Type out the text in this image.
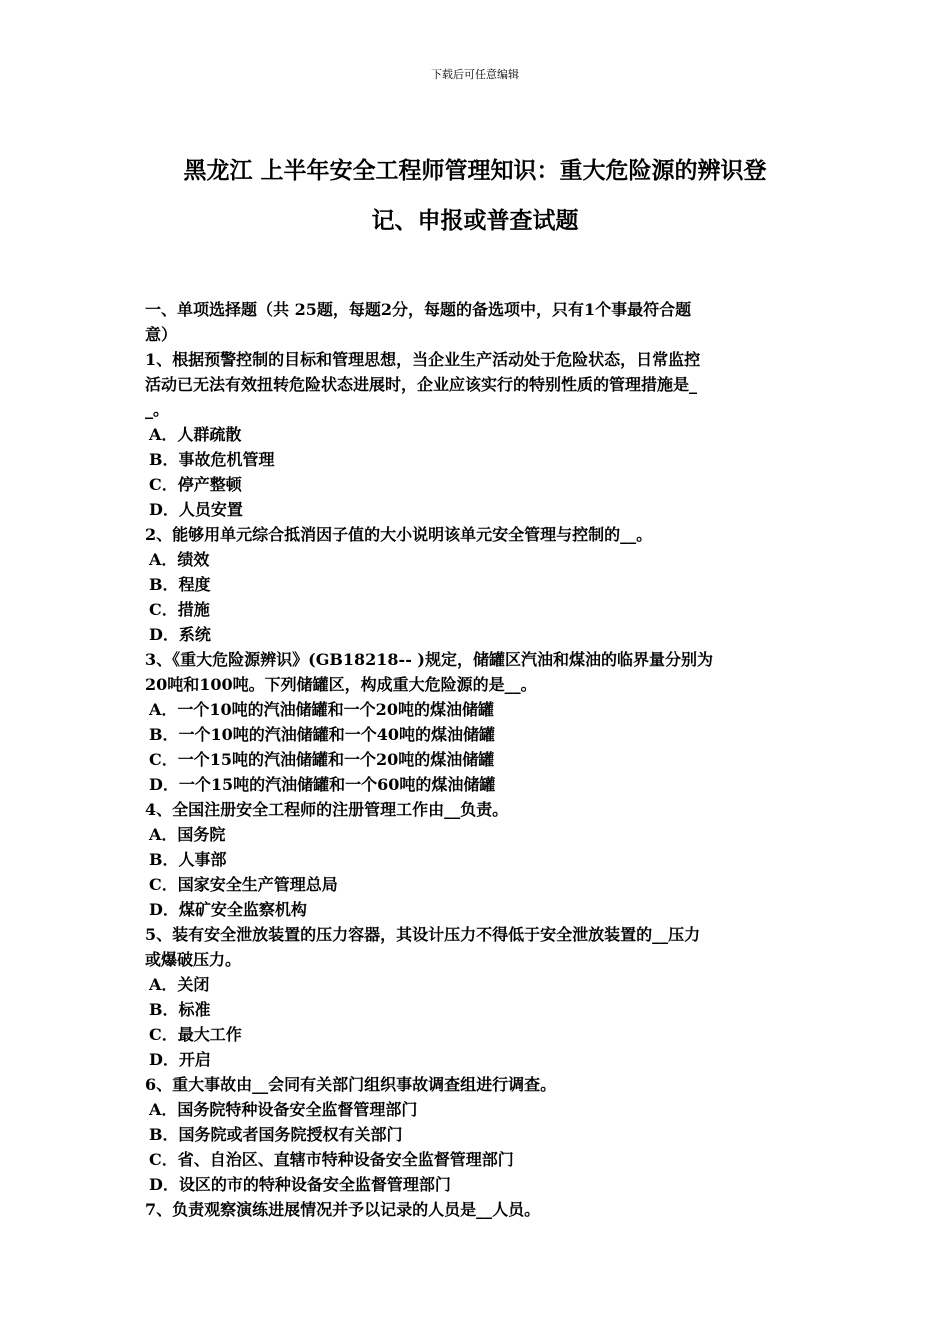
下载后可任意编辑
黑龙江 上半年安全工程师管理知识：重大危险源的辨识登
记、申报或普查试题
一、单项选择题（共 25题，每题2分，每题的备选项中，只有1个事最符合题
意）
1、根据预警控制的目标和管理思想，当企业生产活动处于危险状态，日常监控
活动已无法有效扭转危险状态进展时，企业应该实行的特别性质的管理措施是_
_。
A．人群疏散
B．事故危机管理
C．停产整顿
D．人员安置
2、能够用单元综合抵消因子值的大小说明该单元安全管理与控制的__。
A．绩效
B．程度
C．措施
D．系统
3、《重大危险源辨识》(GB18218-- )规定，储罐区汽油和煤油的临界量分别为
20吨和100吨。下列储罐区，构成重大危险源的是__。
A．一个10吨的汽油储罐和一个20吨的煤油储罐
B．一个10吨的汽油储罐和一个40吨的煤油储罐
C．一个15吨的汽油储罐和一个20吨的煤油储罐
D．一个15吨的汽油储罐和一个60吨的煤油储罐
4、全国注册安全工程师的注册管理工作由__负责。
A．国务院
B．人事部
C．国家安全生产管理总局
D．煤矿安全监察机构
5、装有安全泄放装置的压力容器，其设计压力不得低于安全泄放装置的__压力
或爆破压力。
A．关闭
B．标准
C．最大工作
D．开启
6、重大事故由__会同有关部门组织事故调查组进行调查。
A．国务院特种设备安全监督管理部门
B．国务院或者国务院授权有关部门
C．省、自治区、直辖市特种设备安全监督管理部门
D．设区的市的特种设备安全监督管理部门
7、负责观察演练进展情况并予以记录的人员是__人员。
